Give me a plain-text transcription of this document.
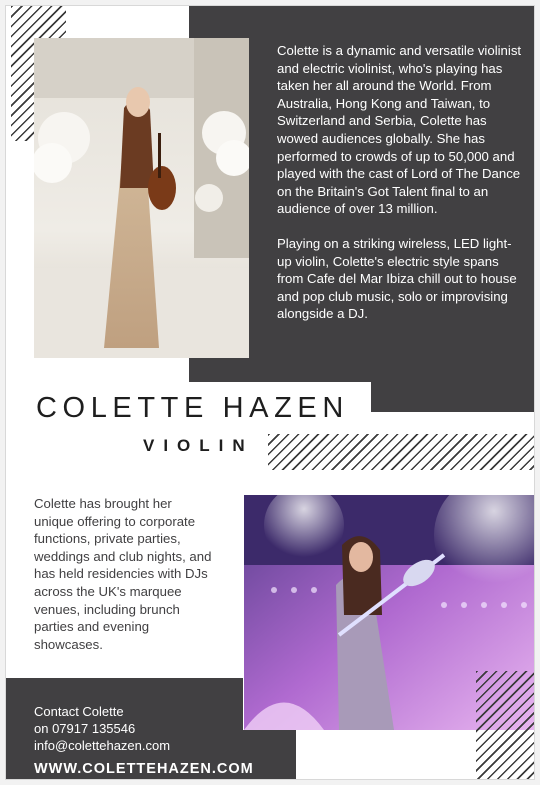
Colette is a dynamic and versatile violinist and electric violinist, who's playing has taken her all around the World. From Australia, Hong Kong and Taiwan, to Switzerland and Serbia, Colette has wowed audiences globally. She has performed to crowds of up to 50,000 and played with the cast of Lord of The Dance on the Britain's Got Talent final to an audience of over 13 million.

Playing on a striking wireless, LED light-up violin, Colette's electric style spans from Cafe del Mar Ibiza chill out to house and pop club music, solo or improvising alongside a DJ.

COLETTE HAZEN
VIOLIN
Colette has brought her unique offering to corporate functions, private parties, weddings and club nights, and has held residencies with DJs across the UK's marquee venues, including brunch parties and evening showcases.
Contact Colette
on 07917 135546
info@colettehazen.com
WWW.COLETTEHAZEN.COM
